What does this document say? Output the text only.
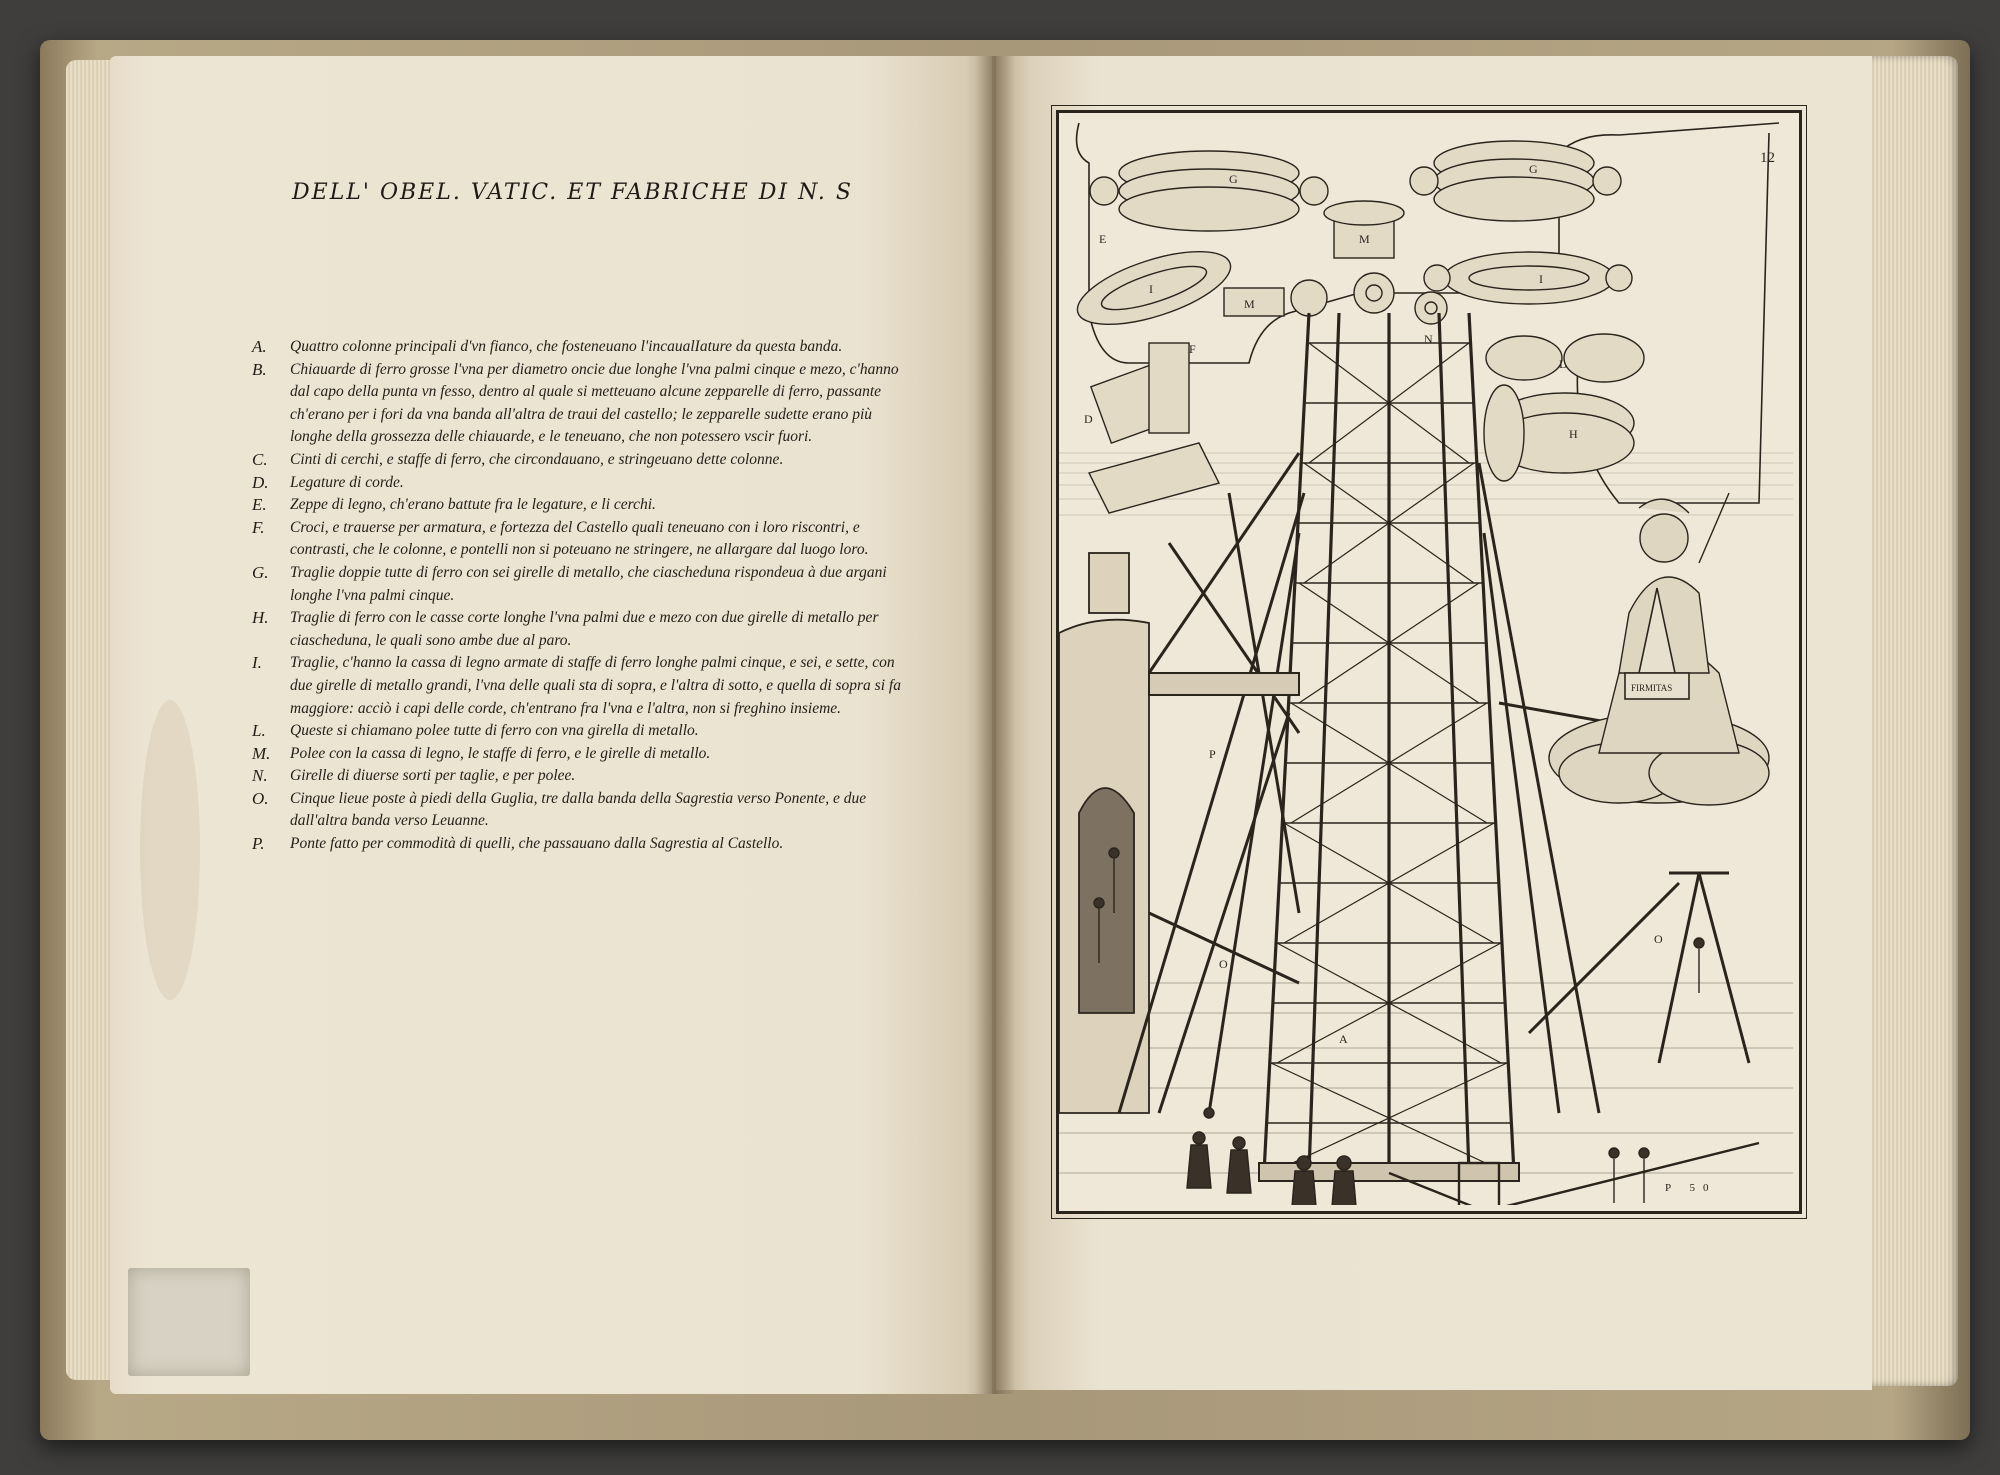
DELL' OBEL. VATIC. ET FABRICHE DI N. S
A.	Quattro colonne principali d'vn fianco, che fosteneuano l'incaualIature da questa banda.
B.	Chiauarde di ferro grosse l'vna per diametro oncie due longhe l'vna palmi cinque e mezo, c'hanno dal capo della punta vn fesso, dentro al quale si metteuano alcune zepparelle di ferro, passante ch'erano per i fori da vna banda all'altra de traui del castello; le zepparelle sudette erano più longhe della grossezza delle chiauarde, e le teneuano, che non potessero vscir fuori.
C.	Cinti di cerchi, e staffe di ferro, che circondauano, e stringeuano dette colonne.
D.	Legature di corde.
E.	Zeppe di legno, ch'erano battute fra le legature, e li cerchi.
F.	Croci, e trauerse per armatura, e fortezza del Castello quali teneuano con i loro riscontri, e contrasti, che le colonne, e pontelli non si poteuano ne stringere, ne allargare dal luogo loro.
G.	Traglie doppie tutte di ferro con sei girelle di metallo, che ciascheduna rispondeua à due argani longhe l'vna palmi cinque.
H.	Traglie di ferro con le casse corte longhe l'vna palmi due e mezo con due girelle di metallo per ciascheduna, le quali sono ambe due al paro.
I.	Traglie, c'hanno la cassa di legno armate di staffe di ferro longhe palmi cinque, e sei, e sette, con due girelle di metallo grandi, l'vna delle quali sta di sopra, e l'altra di sotto, e quella di sopra si fa maggiore: acciò i capi delle corde, ch'entrano fra l'vna e l'altra, non si freghino insieme.
L.	Queste si chiamano polee tutte di ferro con vna girella di metallo.
M.	Polee con la cassa di legno, le staffe di ferro, e le girelle di metallo.
N.	Girelle di diuerse sorti per taglie, e per polee.
O.	Cinque lieue poste à piedi della Guglia, tre dalla banda della Sagrestia verso Ponente, e due dall'altra banda verso Leuanne.
P.	Ponte fatto per commodità di quelli, che passauano dalla Sagrestia al Castello.
12
P 50
G
G
M
M
N
I
I
E
D
A
F
L
H
P
O
O
FIRMITAS
